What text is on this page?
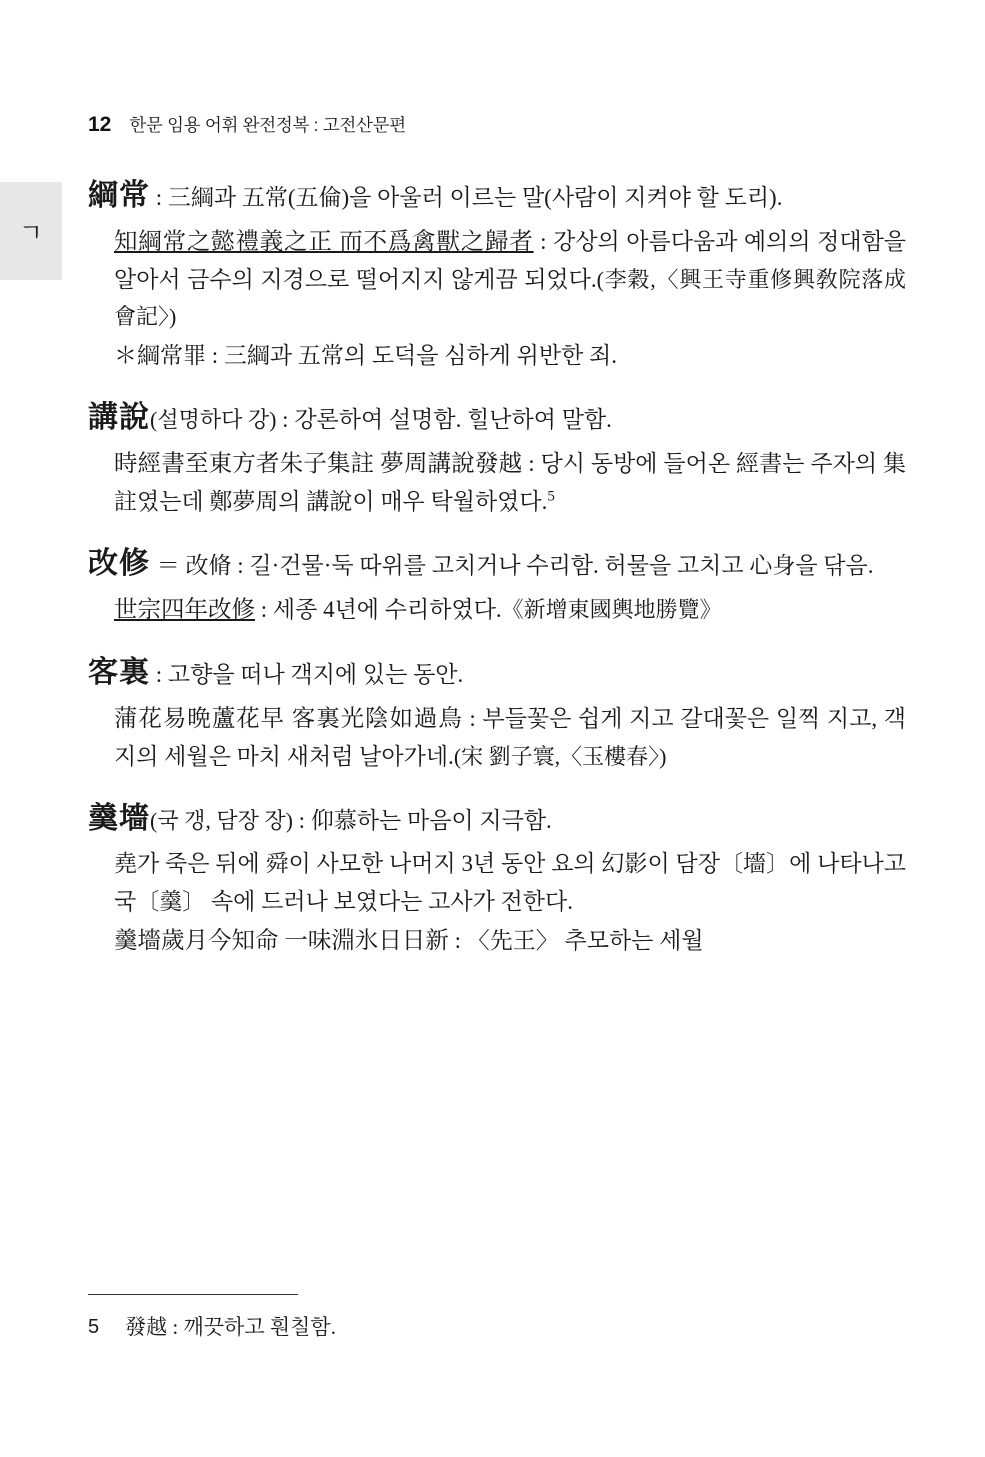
12 한문 임용 어휘 완전정복 : 고전산문편
ㄱ

綱常 : 三綱과 五常(五倫)을 아울러 이르는 말(사람이 지켜야 할 도리).

知綱常之懿禮義之正 而不爲禽獸之歸者 : 강상의 아름다움과 예의의 정대함을 알아서 금수의 지경으로 떨어지지 않게끔 되었다.(李穀,〈興王寺重修興敎院落成會記〉)

＊綱常罪 : 三綱과 五常의 도덕을 심하게 위반한 죄.

講說(설명하다 강) : 강론하여 설명함. 힐난하여 말함.

時經書至東方者朱子集註 夢周講說發越 : 당시 동방에 들어온 經書는 주자의 集註였는데 鄭夢周의 講說이 매우 탁월하였다.$^5$

改修 ＝ 改脩 : 길·건물·둑 따위를 고치거나 수리함. 허물을 고치고 心身을 닦음.

世宗四年改修 : 세종 4년에 수리하였다.《新增東國輿地勝覽》

客裏 : 고향을 떠나 객지에 있는 동안.

蒲花易晩蘆花早 客裏光陰如過鳥 : 부들꽃은 쉽게 지고 갈대꽃은 일찍 지고, 객지의 세월은 마치 새처럼 날아가네.(宋 劉子寰,〈玉樓春〉)

羹墻(국 갱, 담장 장) : 仰慕하는 마음이 지극함.

堯가 죽은 뒤에 舜이 사모한 나머지 3년 동안 요의 幻影이 담장〔墻〕에 나타나고 국〔羹〕 속에 드러나 보였다는 고사가 전한다.

羹墻歲月今知命 一味淵氷日日新 : 〈先王〉 추모하는 세월

5 發越 : 깨끗하고 훤칠함.
